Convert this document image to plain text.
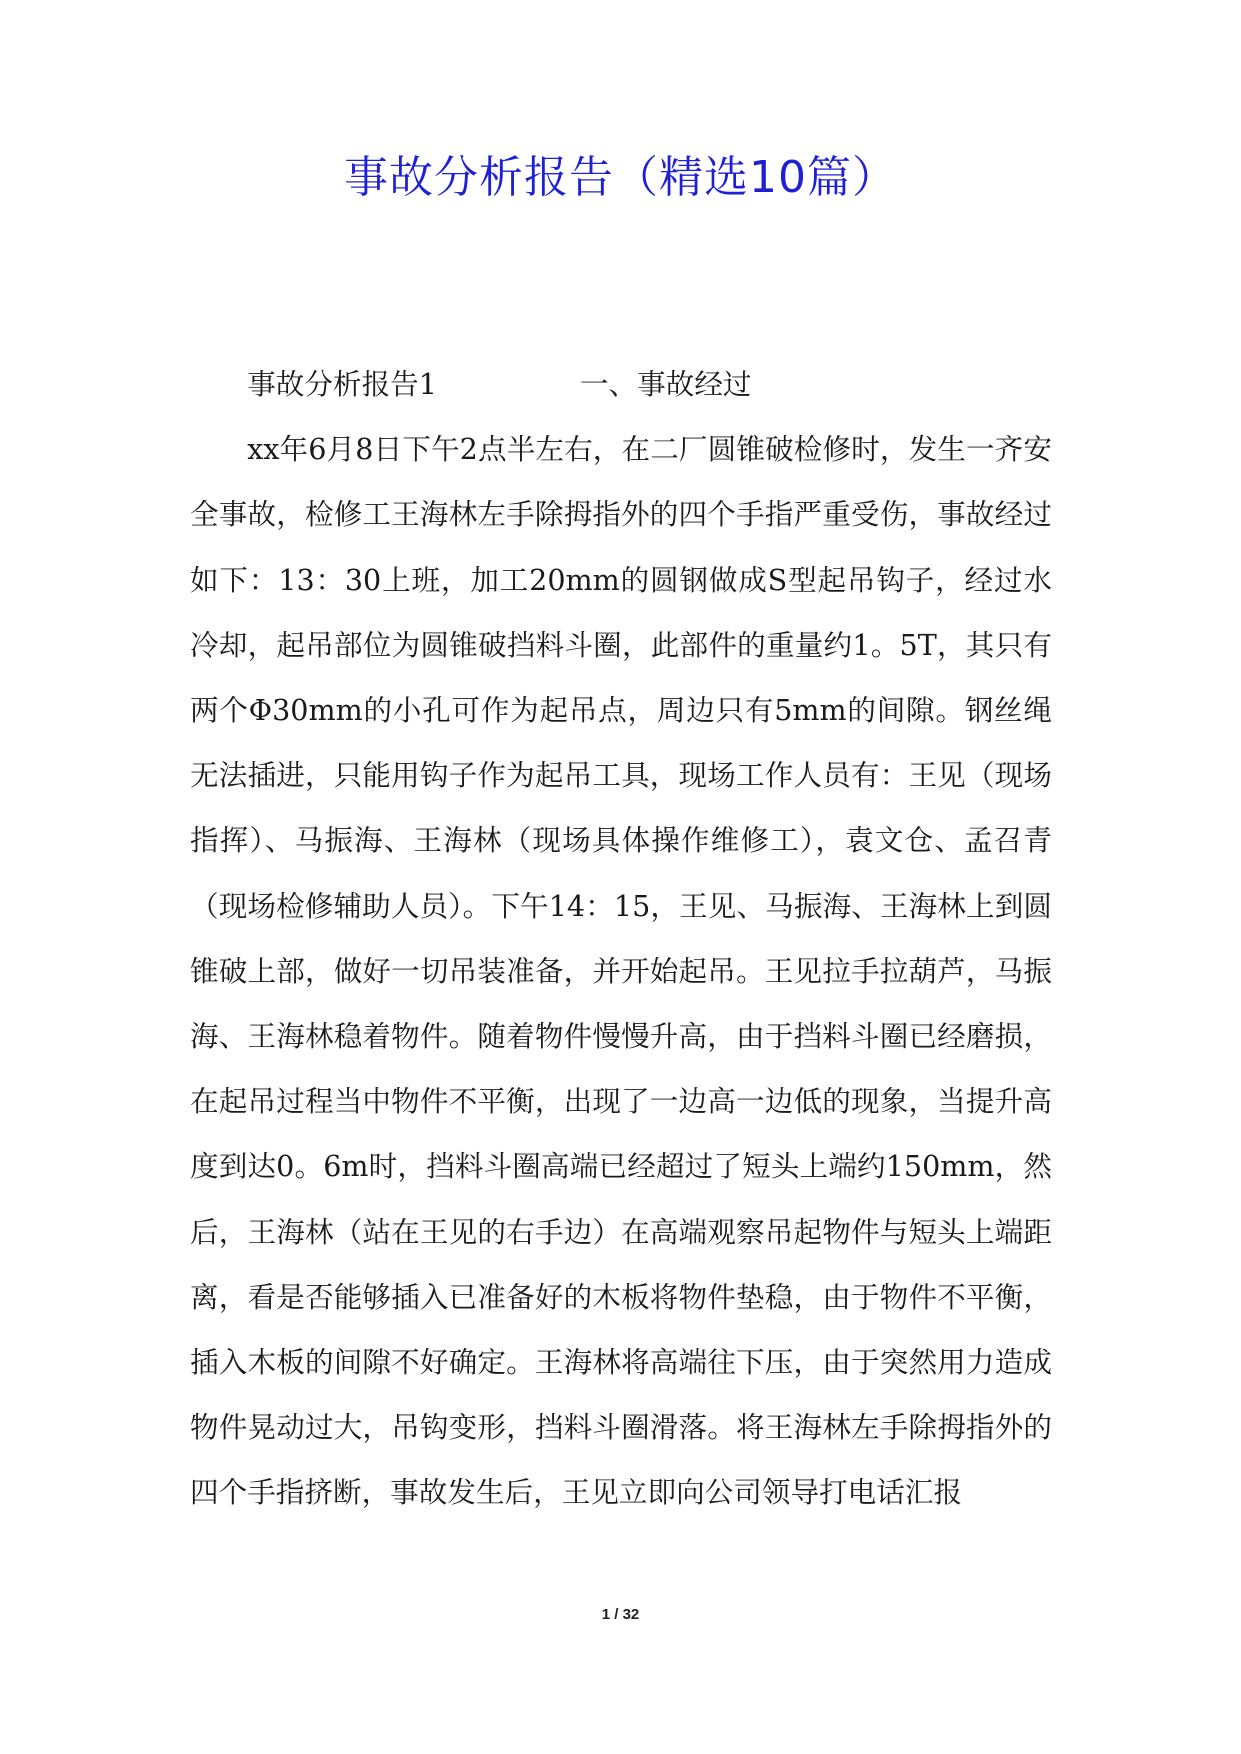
事故分析报告（精选10篇）

事故分析报告1	一、事故经过

xx年6月8日下午2点半左右，在二厂圆锥破检修时，发生一齐安全事故，检修工王海林左手除拇指外的四个手指严重受伤，事故经过如下：13：30上班，加工20mm的圆钢做成S型起吊钩子，经过水冷却，起吊部位为圆锥破挡料斗圈，此部件的重量约1。5T，其只有两个Φ30mm的小孔可作为起吊点，周边只有5mm的间隙。钢丝绳无法插进，只能用钩子作为起吊工具，现场工作人员有：王见（现场指挥）、马振海、王海林（现场具体操作维修工），袁文仓、孟召青（现场检修辅助人员）。下午14：15，王见、马振海、王海林上到圆锥破上部，做好一切吊装准备，并开始起吊。王见拉手拉葫芦，马振海、王海林稳着物件。随着物件慢慢升高，由于挡料斗圈已经磨损，在起吊过程当中物件不平衡，出现了一边高一边低的现象，当提升高度到达0。6m时，挡料斗圈高端已经超过了短头上端约150mm，然后，王海林（站在王见的右手边）在高端观察吊起物件与短头上端距离，看是否能够插入已准备好的木板将物件垫稳，由于物件不平衡，插入木板的间隙不好确定。王海林将高端往下压，由于突然用力造成物件晃动过大，吊钩变形，挡料斗圈滑落。将王海林左手除拇指外的四个手指挤断，事故发生后，王见立即向公司领导打电话汇报

1 / 32
